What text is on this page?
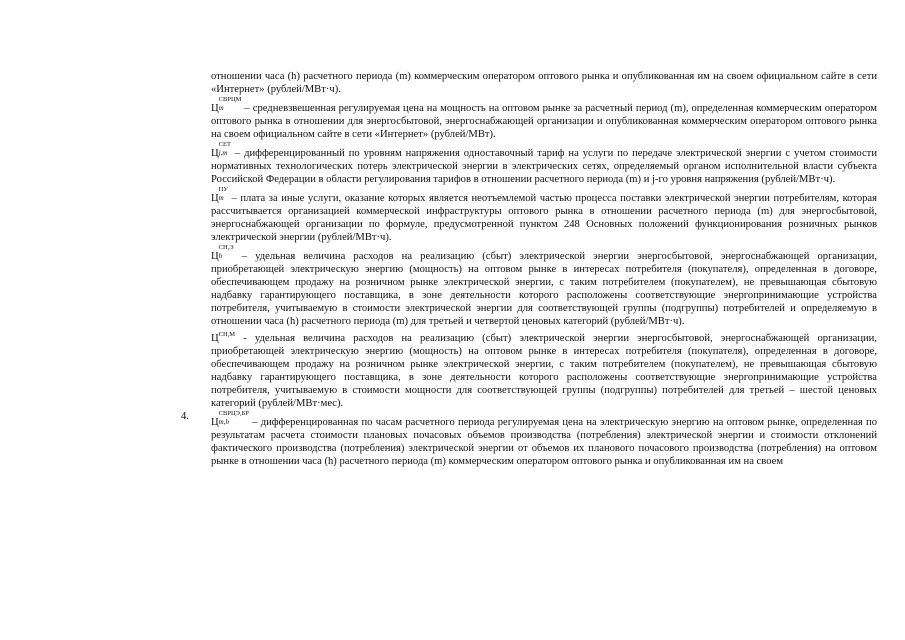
отношении часа (h) расчетного периода (m) коммерческим оператором оптового рынка и опубликованная им на своем официальном сайте в сети «Интернет» (рублей/МВт·ч).

Ц
СВРЦМ
m	– средневзвешенная регулируемая цена на мощность на оптовом рынке за расчетный период (m), определенная коммерческим оператором оптового рынка в отношении для энергосбытовой, энергоснабжающей организации и опубликованная коммерческим оператором оптового рынка на своем официальном сайте в сети «Интернет» (рублей/МВт).

Ц
СЕТ
j,m – дифференцированный по уровням напряжения одноставочный тариф на услуги по передаче электрической энергии с учетом стоимости нормативных технологических потерь электрической энергии в электрических сетях, определяемый органом исполнительной власти субъекта Российской Федерации в области регулирования тарифов в отношении расчетного периода (m) и j-го уровня напряжения (рублей/МВт·ч).

Ц
ПУ
m – плата за иные услуги, оказание которых является неотъемлемой частью процесса поставки электрической энергии потребителям, которая рассчитывается организацией коммерческой инфраструктуры оптового рынка в отношении расчетного периода (m) для энергосбытовой, энергоснабжающей организации по формуле, предусмотренной пунктом 248 Основных положений функционирования розничных рынков электрической энергии (рублей/МВт·ч).

Ц
СН,Э
h	– удельная величина расходов на реализацию (сбыт) электрической энергии энергосбытовой, энергоснабжающей организации, приобретающей электрическую энергию (мощность) на оптовом рынке в интересах потребителя (покупателя), определенная в договоре, обеспечивающем продажу на розничном рынке электрической энергии, с таким потребителем (покупателем), не превышающая сбытовую надбавку гарантирующего поставщика, в зоне деятельности которого расположены соответствующие энергопринимающие устройства потребителя, учитываемую в стоимости электрической энергии для соответствующей группы (подгруппы) потребителей и определяемую в отношении часа (h) расчетного периода (m) для третьей и четвертой ценовых категорий (рублей/МВт·ч).

$Ц^{СН,М}$ - удельная величина расходов на реализацию (сбыт) электрической энергии энергосбытовой, энергоснабжающей организации, приобретающей электрическую энергию (мощность) на оптовом рынке в интересах потребителя (покупателя), определенная в договоре, обеспечивающем продажу на розничном рынке электрической энергии, с таким потребителем (покупателем), не превышающая сбытовую надбавку гарантирующего поставщика, в зоне деятельности которого расположены соответствующие энергопринимающие устройства потребителя, учитываемую в стоимости мощности для соответствующей группы (подгруппы) потребителей для третьей – шестой ценовых категорий (рублей/МВт·мес).

4.
Ц
СВРЦЭ,БР
m,h	– дифференцированная по часам расчетного периода регулируемая цена на электрическую энергию на оптовом рынке, определенная по результатам расчета стоимости плановых почасовых объемов производства (потребления) электрической энергии и стоимости отклонений фактического производства (потребления) электрической энергии от объемов их планового почасового производства (потребления) на оптовом рынке в отношении часа (h) расчетного периода (m) коммерческим оператором оптового рынка и опубликованная им на своем
